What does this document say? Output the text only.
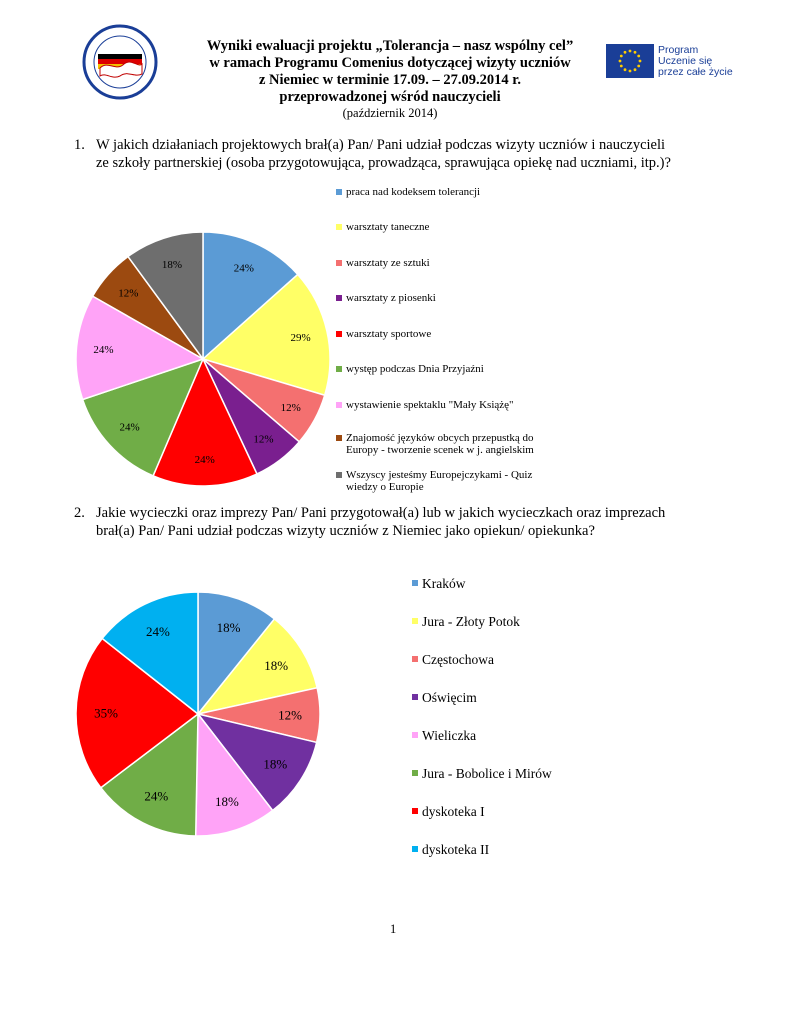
Program
Uczenie się
przez całe życie
Wyniki ewaluacji projektu „Tolerancja – nasz wspólny cel”
w ramach Programu Comenius dotyczącej wizyty uczniów
z Niemiec w terminie 17.09. – 27.09.2014 r.
przeprowadzonej wśród nauczycieli
(październik 2014)
1. W jakich działaniach projektowych brał(a) Pan/ Pani udział podczas wizyty uczniów i nauczycieli
ze szkoły partnerskiej (osoba przygotowująca, prowadząca, sprawująca opiekę nad uczniami, itp.)?
24%
29%
12%
12%
24%
24%
24%
12%
18%
praca nad kodeksem tolerancji
warsztaty taneczne
warsztaty ze sztuki
warsztaty z piosenki
warsztaty sportowe
występ podczas Dnia Przyjaźni
wystawienie spektaklu "Mały Książę"
Znajomość języków obcych przepustką do Europy - tworzenie scenek w j. angielskim
Wszyscy jesteśmy Europejczykami - Quiz wiedzy o Europie
2. Jakie wycieczki oraz imprezy Pan/ Pani przygotował(a) lub w jakich wycieczkach oraz imprezach
brał(a) Pan/ Pani udział podczas wizyty uczniów z Niemiec jako opiekun/ opiekunka?
18%
18%
12%
18%
18%
24%
35%
24%
Kraków
Jura - Złoty Potok
Częstochowa
Oświęcim
Wieliczka
Jura - Bobolice i Mirów
dyskoteka I
dyskoteka II
1
